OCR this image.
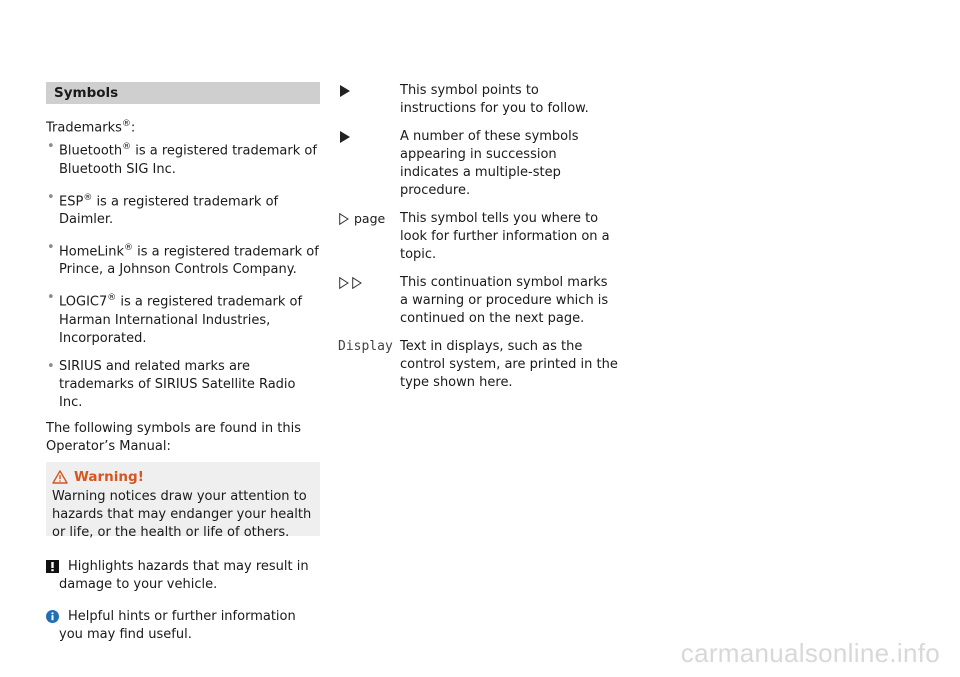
Symbols

Trademarks®:

• Bluetooth® is a registered trademark of Bluetooth SIG Inc.
• ESP® is a registered trademark of Daimler.
• HomeLink® is a registered trademark of Prince, a Johnson Controls Company.
• LOGIC7® is a registered trademark of Harman International Industries, Incorporated.
• SIRIUS and related marks are trademarks of SIRIUS Satellite Radio Inc.

The following symbols are found in this Operator’s Manual:

Warning!

Warning notices draw your attention to hazards that may endanger your health or life, or the health or life of others.

Highlights hazards that may result in damage to your vehicle.
Helpful hints or further information you may find useful.
This symbol points to instructions for you to follow.
A number of these symbols appearing in succession indicates a multiple-step procedure.
page This symbol tells you where to look for further information on a topic.
This continuation symbol marks a warning or procedure which is continued on the next page.
Display Text in displays, such as the control system, are printed in the type shown here.
carmanualsonline.info
